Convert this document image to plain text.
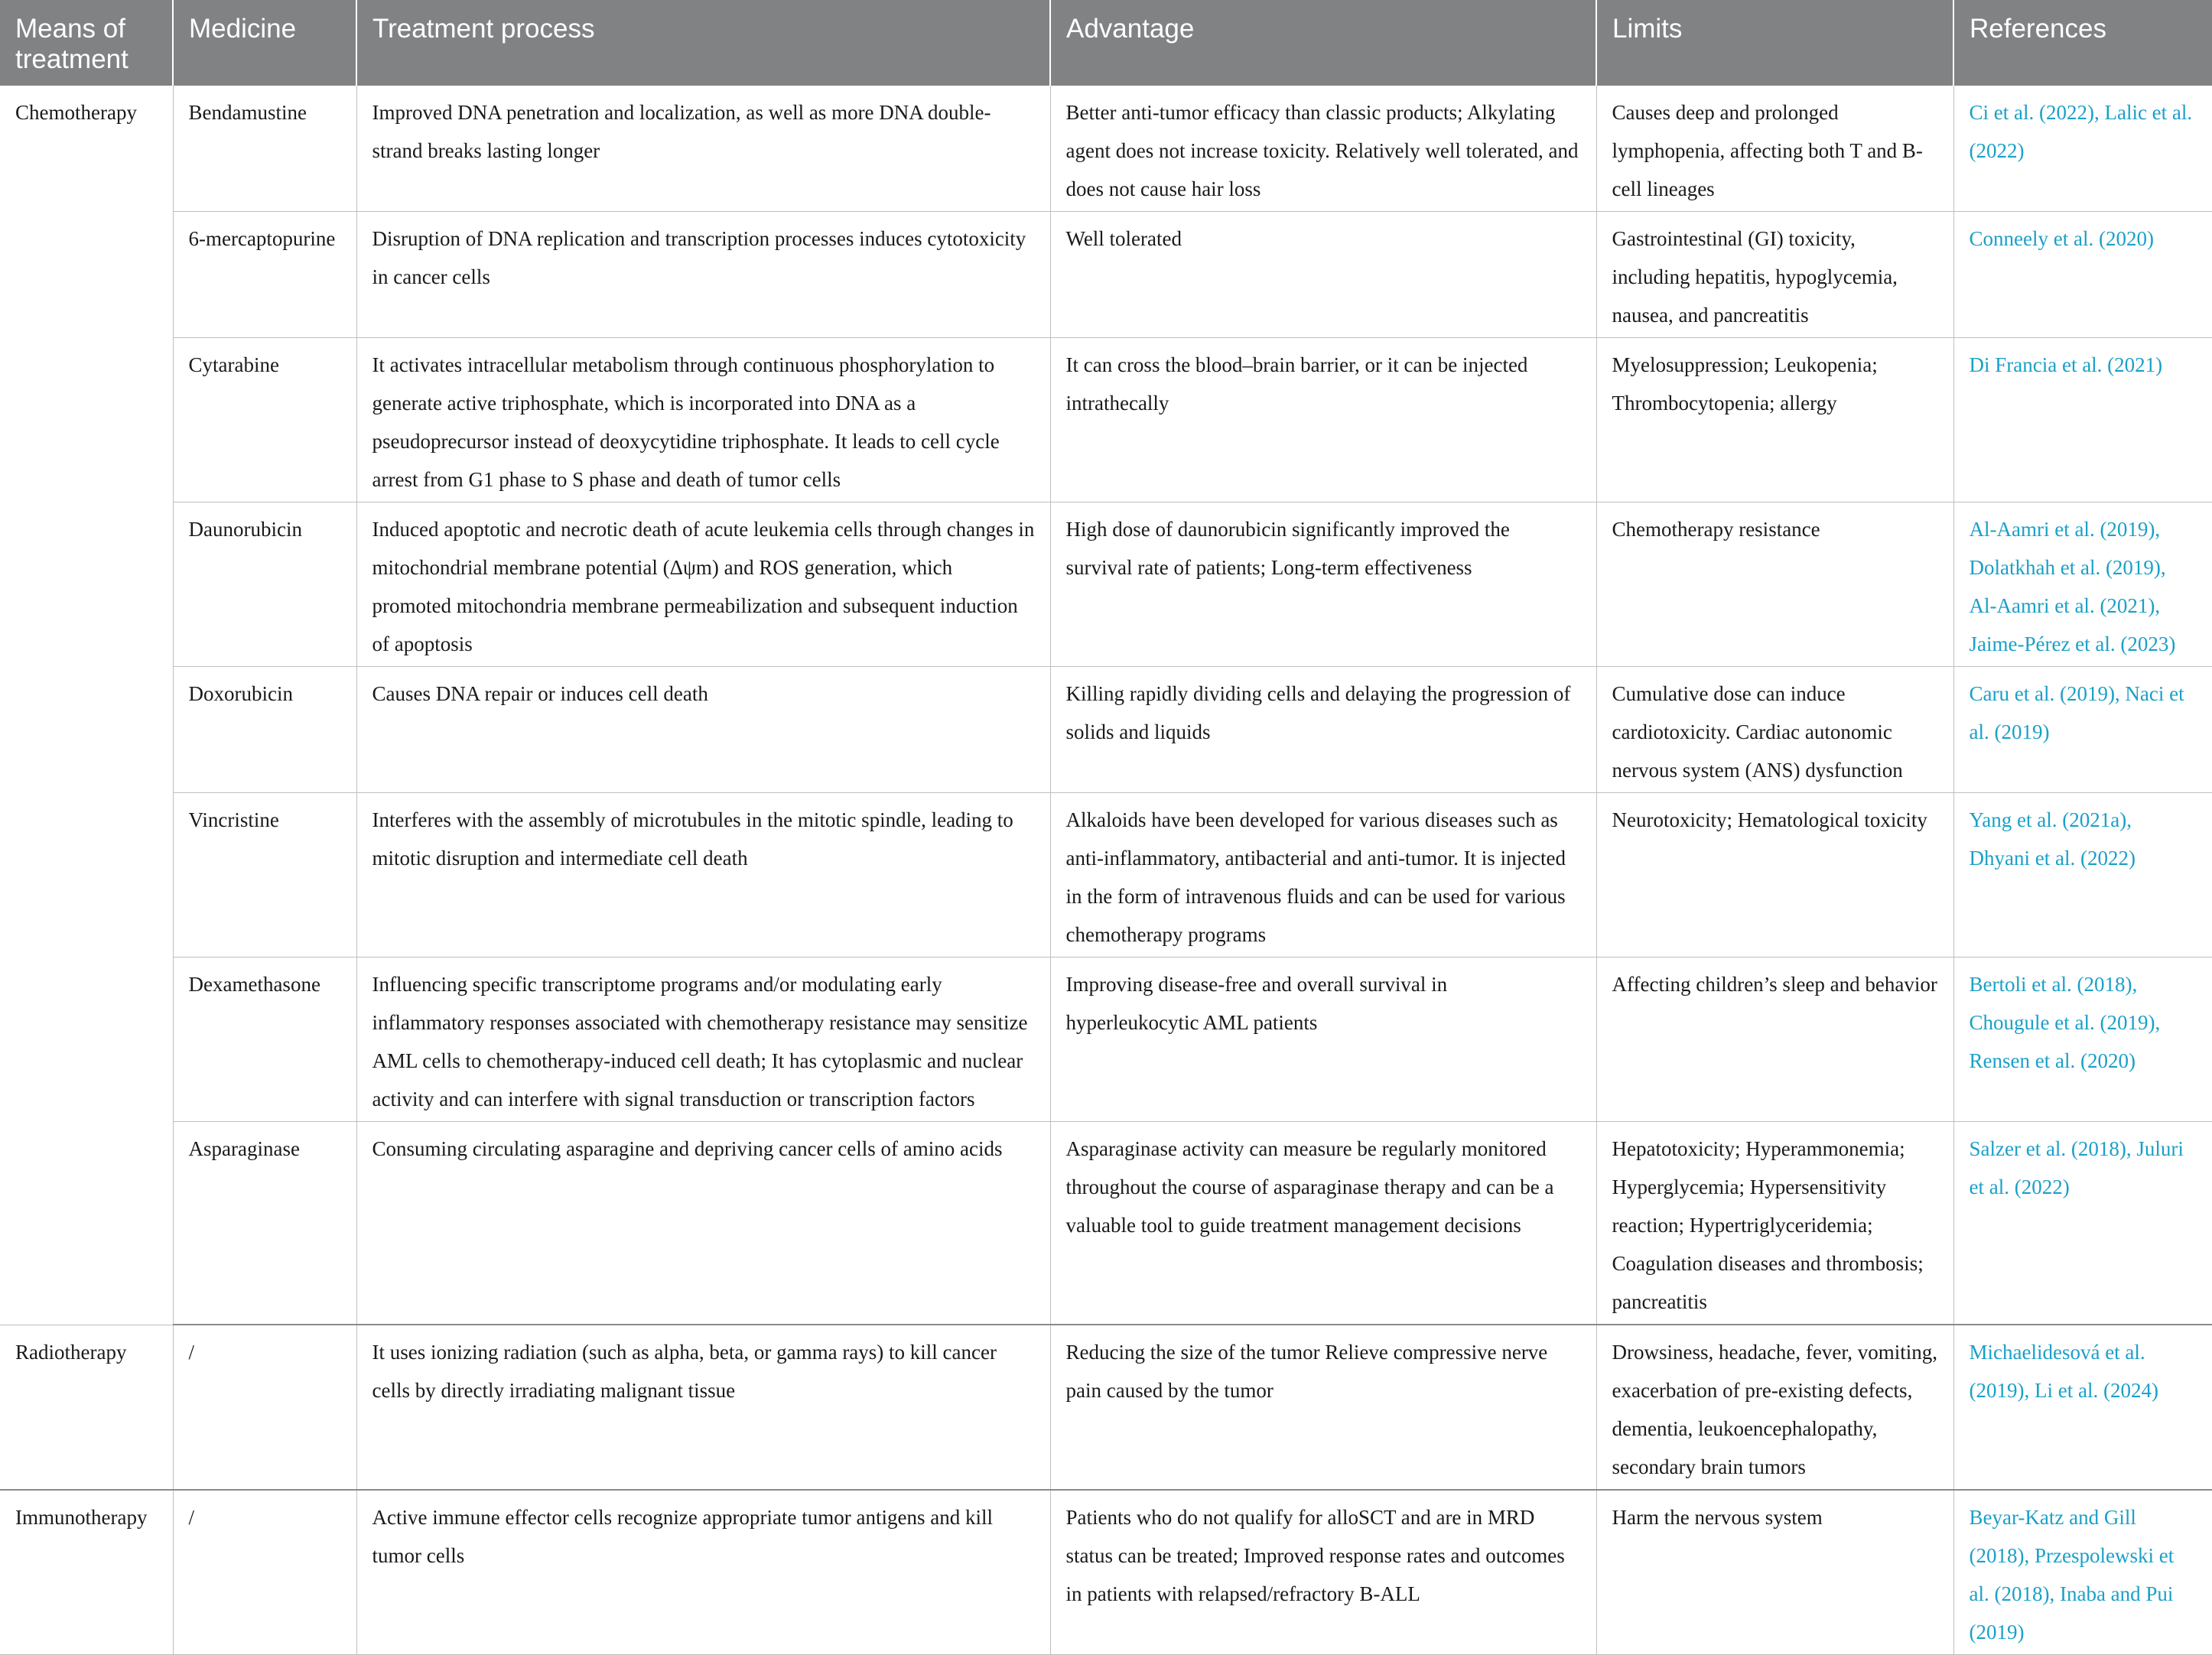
Means of treatment	Medicine	Treatment process	Advantage	Limits	References
Chemotherapy	Bendamustine	Improved DNA penetration and localization, as well as more DNA double-strand breaks lasting longer	Better anti-tumor efficacy than classic products; Alkylating agent does not increase toxicity. Relatively well tolerated, and does not cause hair loss	Causes deep and prolonged lymphopenia, affecting both T and B-cell lineages	Ci et al. (2022), Lalic et al. (2022)
	6-mercaptopurine	Disruption of DNA replication and transcription processes induces cytotoxicity in cancer cells	Well tolerated	Gastrointestinal (GI) toxicity, including hepatitis, hypoglycemia, nausea, and pancreatitis	Conneely et al. (2020)
	Cytarabine	It activates intracellular metabolism through continuous phosphorylation to generate active triphosphate, which is incorporated into DNA as a pseudoprecursor instead of deoxycytidine triphosphate. It leads to cell cycle arrest from G1 phase to S phase and death of tumor cells	It can cross the blood–brain barrier, or it can be injected intrathecally	Myelosuppression; Leukopenia; Thrombocytopenia; allergy	Di Francia et al. (2021)
	Daunorubicin	Induced apoptotic and necrotic death of acute leukemia cells through changes in mitochondrial membrane potential (Δψm) and ROS generation, which promoted mitochondria membrane permeabilization and subsequent induction of apoptosis	High dose of daunorubicin significantly improved the survival rate of patients; Long-term effectiveness	Chemotherapy resistance	Al-Aamri et al. (2019), Dolatkhah et al. (2019), Al-Aamri et al. (2021), Jaime-Pérez et al. (2023)
	Doxorubicin	Causes DNA repair or induces cell death	Killing rapidly dividing cells and delaying the progression of solids and liquids	Cumulative dose can induce cardiotoxicity. Cardiac autonomic nervous system (ANS) dysfunction	Caru et al. (2019), Naci et al. (2019)
	Vincristine	Interferes with the assembly of microtubules in the mitotic spindle, leading to mitotic disruption and intermediate cell death	Alkaloids have been developed for various diseases such as anti-inflammatory, antibacterial and anti-tumor. It is injected in the form of intravenous fluids and can be used for various chemotherapy programs	Neurotoxicity; Hematological toxicity	Yang et al. (2021a), Dhyani et al. (2022)
	Dexamethasone	Influencing specific transcriptome programs and/or modulating early inflammatory responses associated with chemotherapy resistance may sensitize AML cells to chemotherapy-induced cell death; It has cytoplasmic and nuclear activity and can interfere with signal transduction or transcription factors	Improving disease-free and overall survival in hyperleukocytic AML patients	Affecting children’s sleep and behavior	Bertoli et al. (2018), Chougule et al. (2019), Rensen et al. (2020)
	Asparaginase	Consuming circulating asparagine and depriving cancer cells of amino acids	Asparaginase activity can measure be regularly monitored throughout the course of asparaginase therapy and can be a valuable tool to guide treatment management decisions	Hepatotoxicity; Hyperammonemia; Hyperglycemia; Hypersensitivity reaction; Hypertriglyceridemia; Coagulation diseases and thrombosis; pancreatitis	Salzer et al. (2018), Juluri et al. (2022)
Radiotherapy	/	It uses ionizing radiation (such as alpha, beta, or gamma rays) to kill cancer cells by directly irradiating malignant tissue	Reducing the size of the tumor Relieve compressive nerve pain caused by the tumor	Drowsiness, headache, fever, vomiting, exacerbation of pre-existing defects, dementia, leukoencephalopathy, secondary brain tumors	Michaelidesová et al. (2019), Li et al. (2024)
Immunotherapy	/	Active immune effector cells recognize appropriate tumor antigens and kill tumor cells	Patients who do not qualify for alloSCT and are in MRD status can be treated; Improved response rates and outcomes in patients with relapsed/refractory B-ALL	Harm the nervous system	Beyar-Katz and Gill (2018), Przespolewski et al. (2018), Inaba and Pui (2019)
